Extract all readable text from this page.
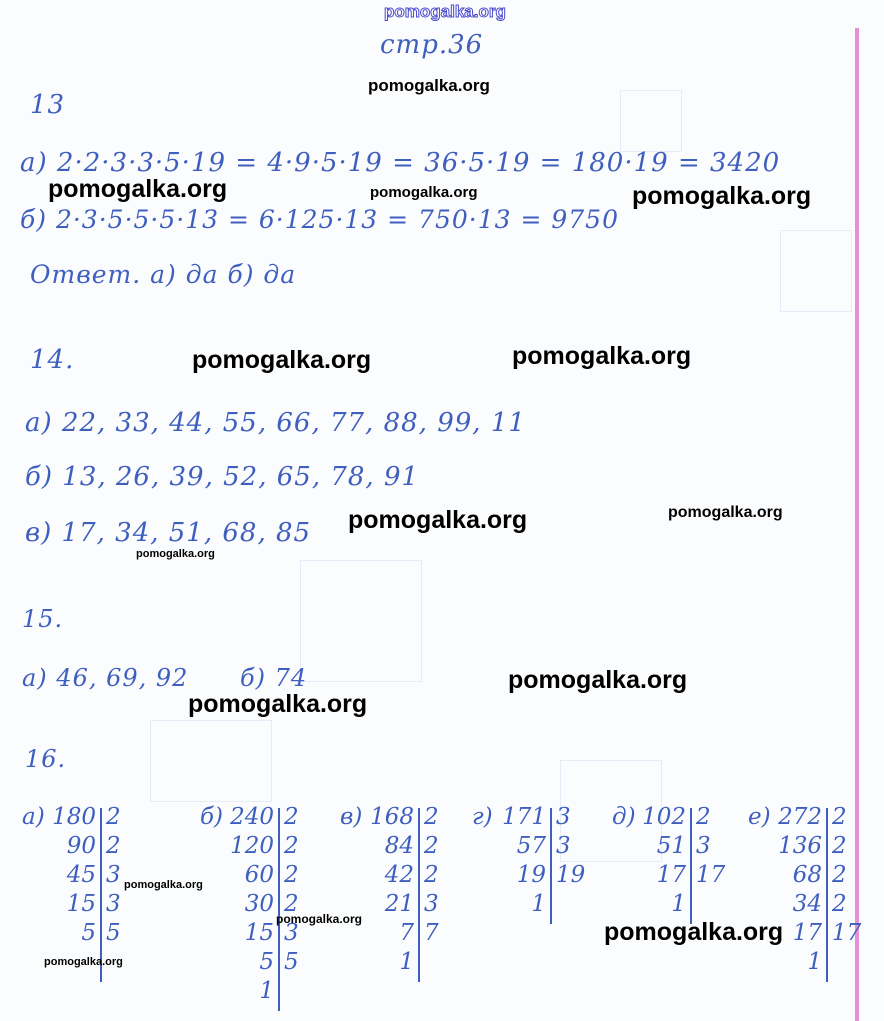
pomogalka.org
стр.36
13
а) 2·2·3·3·5·19 = 4·9·5·19 = 36·5·19 = 180·19 = 3420
б) 2·3·5·5·5·13 = 6·125·13 = 750·13 = 9750
Ответ. а) да б) да
14.
а) 22, 33, 44, 55, 66, 77, 88, 99, 11
б) 13, 26, 39, 52, 65, 78, 91
в) 17, 34, 51, 68, 85
15.
а) 46, 69, 92 б) 74
16.
а) 180 2
90 2
45 3
15 3
5 5
б) 240 2
120 2
60 2
30 2
15 3
5 5
1
в) 168 2
84 2
42 2
21 3
7 7
1
г) 171 3
57 3
19 19
1
д) 102 2
51 3
17 17
1
е) 272 2
136 2
68 2
34 2
17 17
1
pomogalka.org
pomogalka.org	pomogalka.org	pomogalka.org
pomogalka.org	pomogalka.org
pomogalka.org	pomogalka.org
pomogalka.org
pomogalka.org
pomogalka.org
pomogalka.org
pomogalka.org	pomogalka.org
pomogalka.org
